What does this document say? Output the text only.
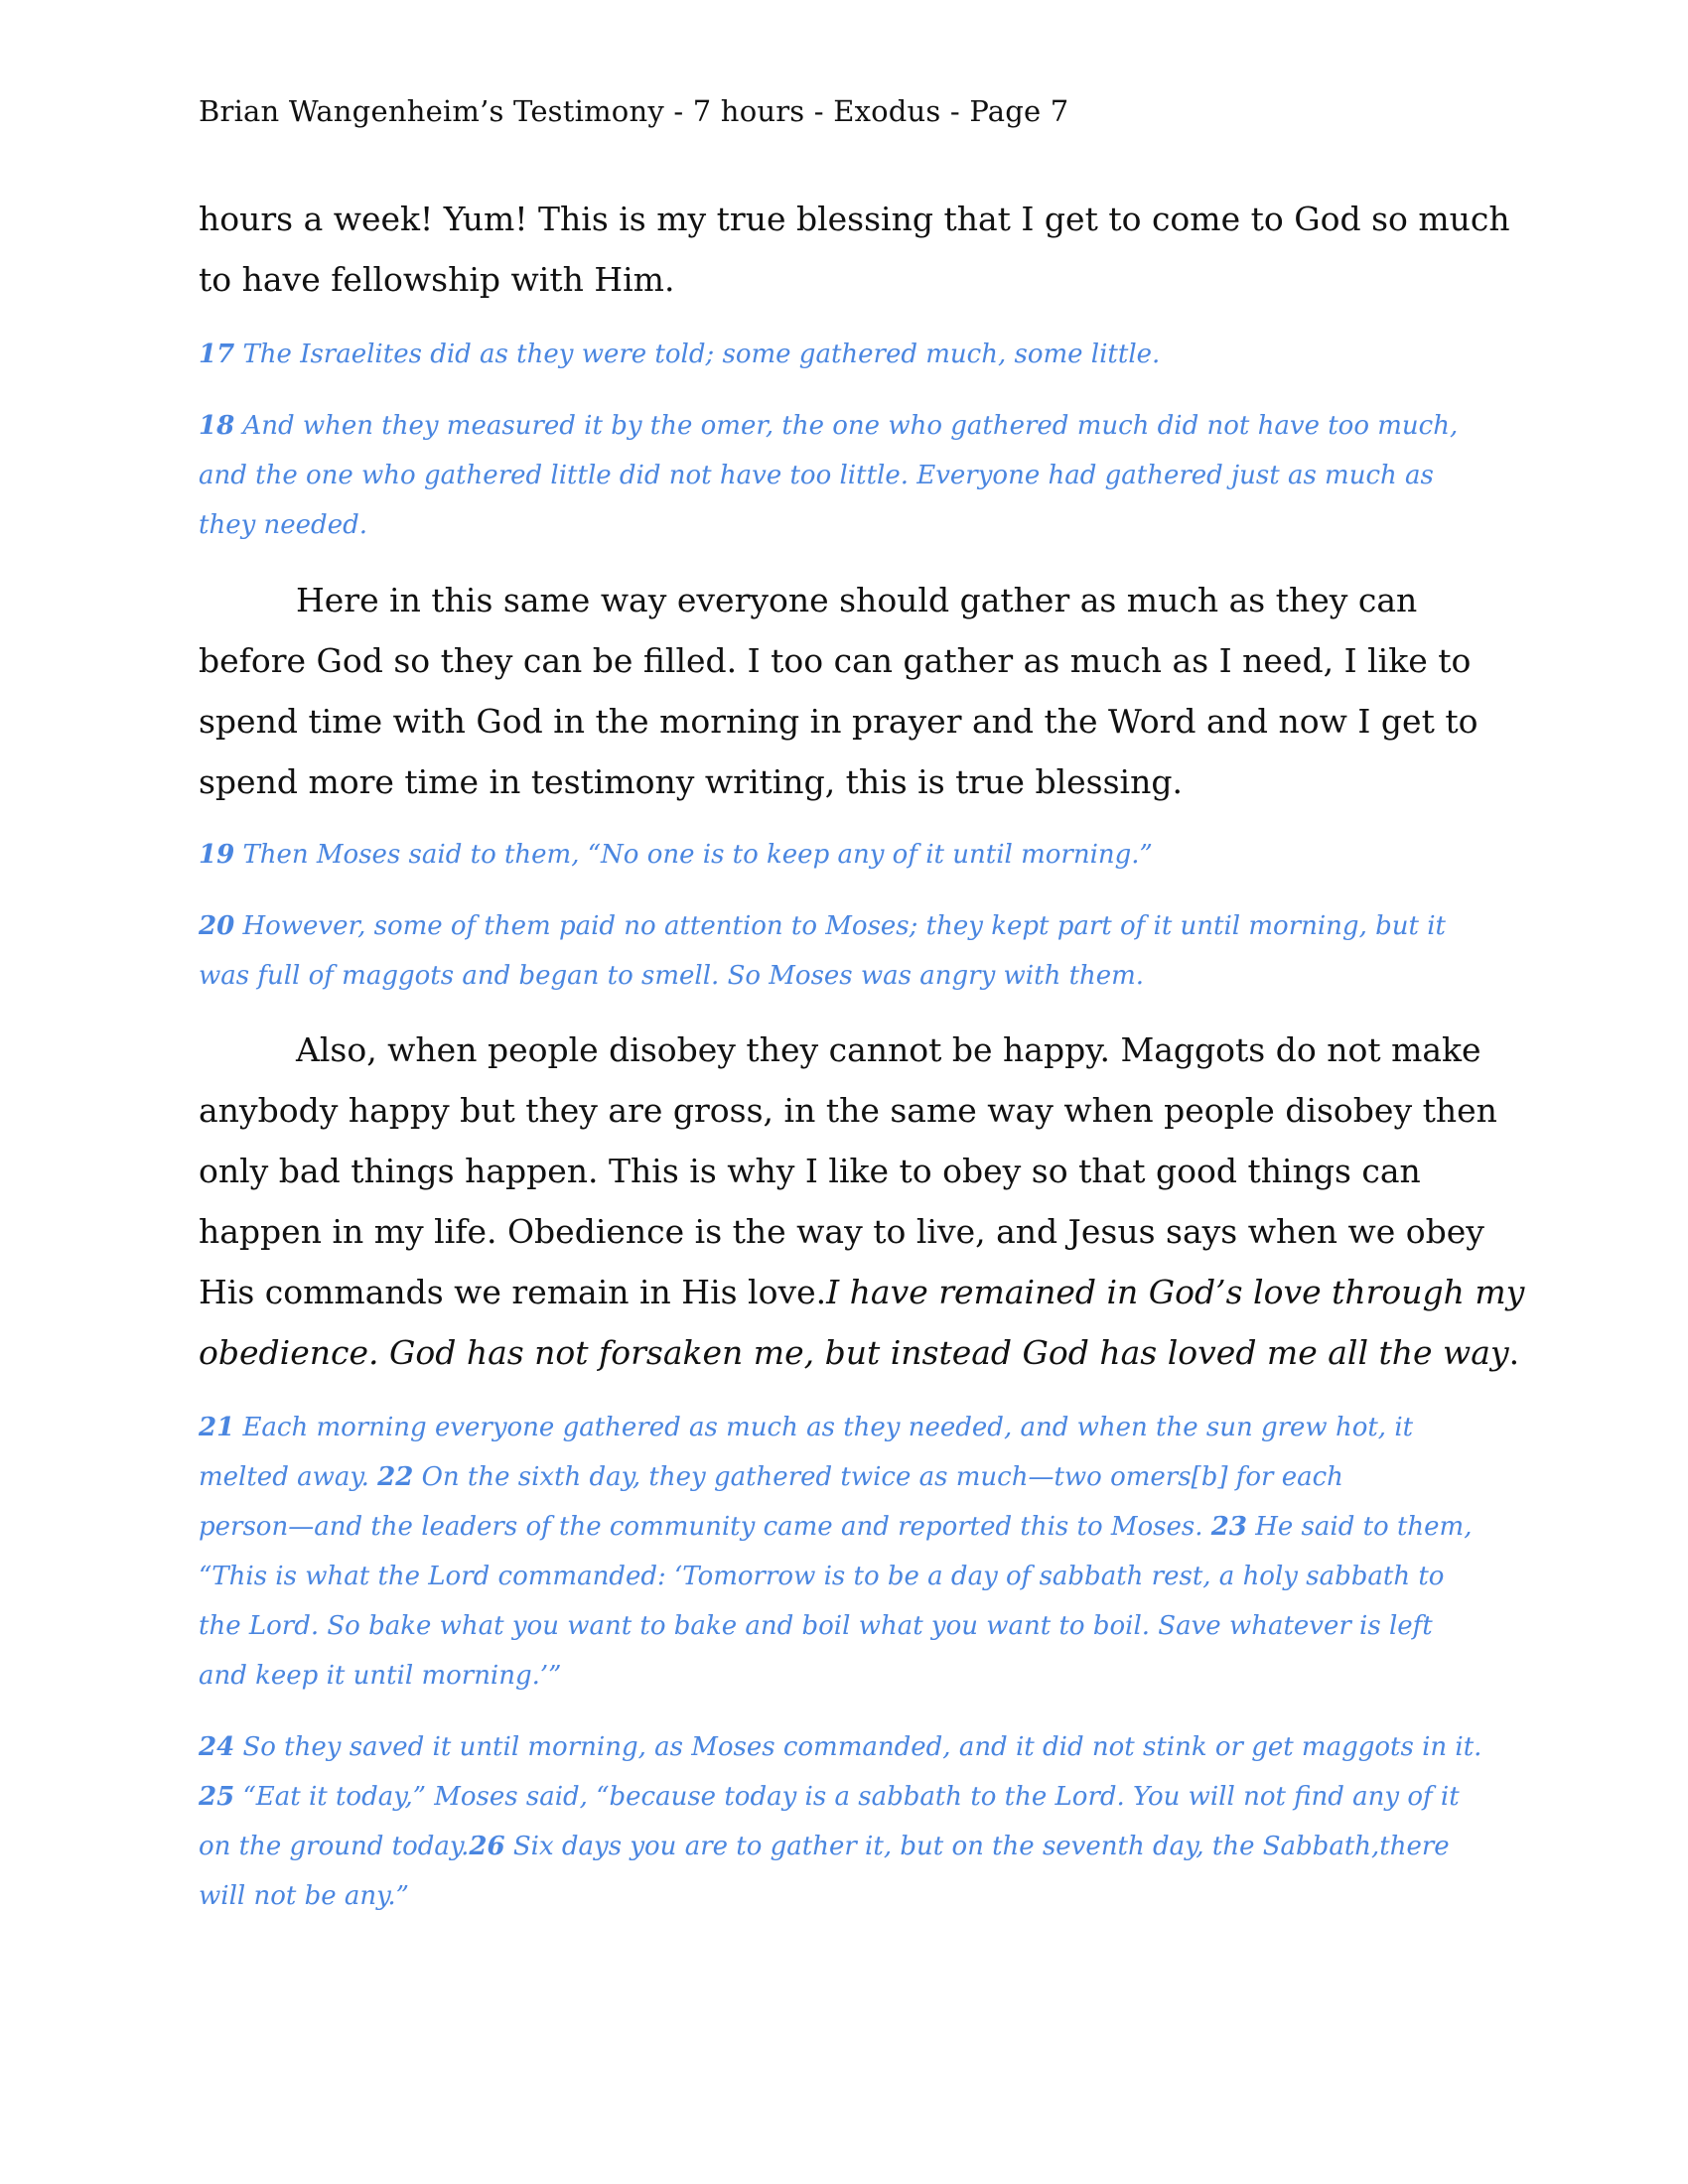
Brian Wangenheim’s Testimony - 7 hours - Exodus - Page 7

hours a week! Yum! This is my true blessing that I get to come to God so much

to have fellowship with Him.

17 The Israelites did as they were told; some gathered much, some little.

18 And when they measured it by the omer, the one who gathered much did not have too much,

and the one who gathered little did not have too little. Everyone had gathered just as much as

they needed.

Here in this same way everyone should gather as much as they can

before God so they can be filled. I too can gather as much as I need, I like to

spend time with God in the morning in prayer and the Word and now I get to

spend more time in testimony writing, this is true blessing.

19 Then Moses said to them, “No one is to keep any of it until morning.”

20 However, some of them paid no attention to Moses; they kept part of it until morning, but it

was full of maggots and began to smell. So Moses was angry with them.

Also, when people disobey they cannot be happy. Maggots do not make

anybody happy but they are gross, in the same way when people disobey then

only bad things happen. This is why I like to obey so that good things can

happen in my life. Obedience is the way to live, and Jesus says when we obey

His commands we remain in His love.I have remained in God’s love through my

obedience. God has not forsaken me, but instead God has loved me all the way.

21 Each morning everyone gathered as much as they needed, and when the sun grew hot, it

melted away. 22 On the sixth day, they gathered twice as much—two omers[b] for each

person—and the leaders of the community came and reported this to Moses. 23 He said to them,

“This is what the Lord commanded: ‘Tomorrow is to be a day of sabbath rest, a holy sabbath to

the Lord. So bake what you want to bake and boil what you want to boil. Save whatever is left

and keep it until morning.’”

24 So they saved it until morning, as Moses commanded, and it did not stink or get maggots in it.

25 “Eat it today,” Moses said, “because today is a sabbath to the Lord. You will not find any of it

on the ground today.26 Six days you are to gather it, but on the seventh day, the Sabbath,there

will not be any.”
